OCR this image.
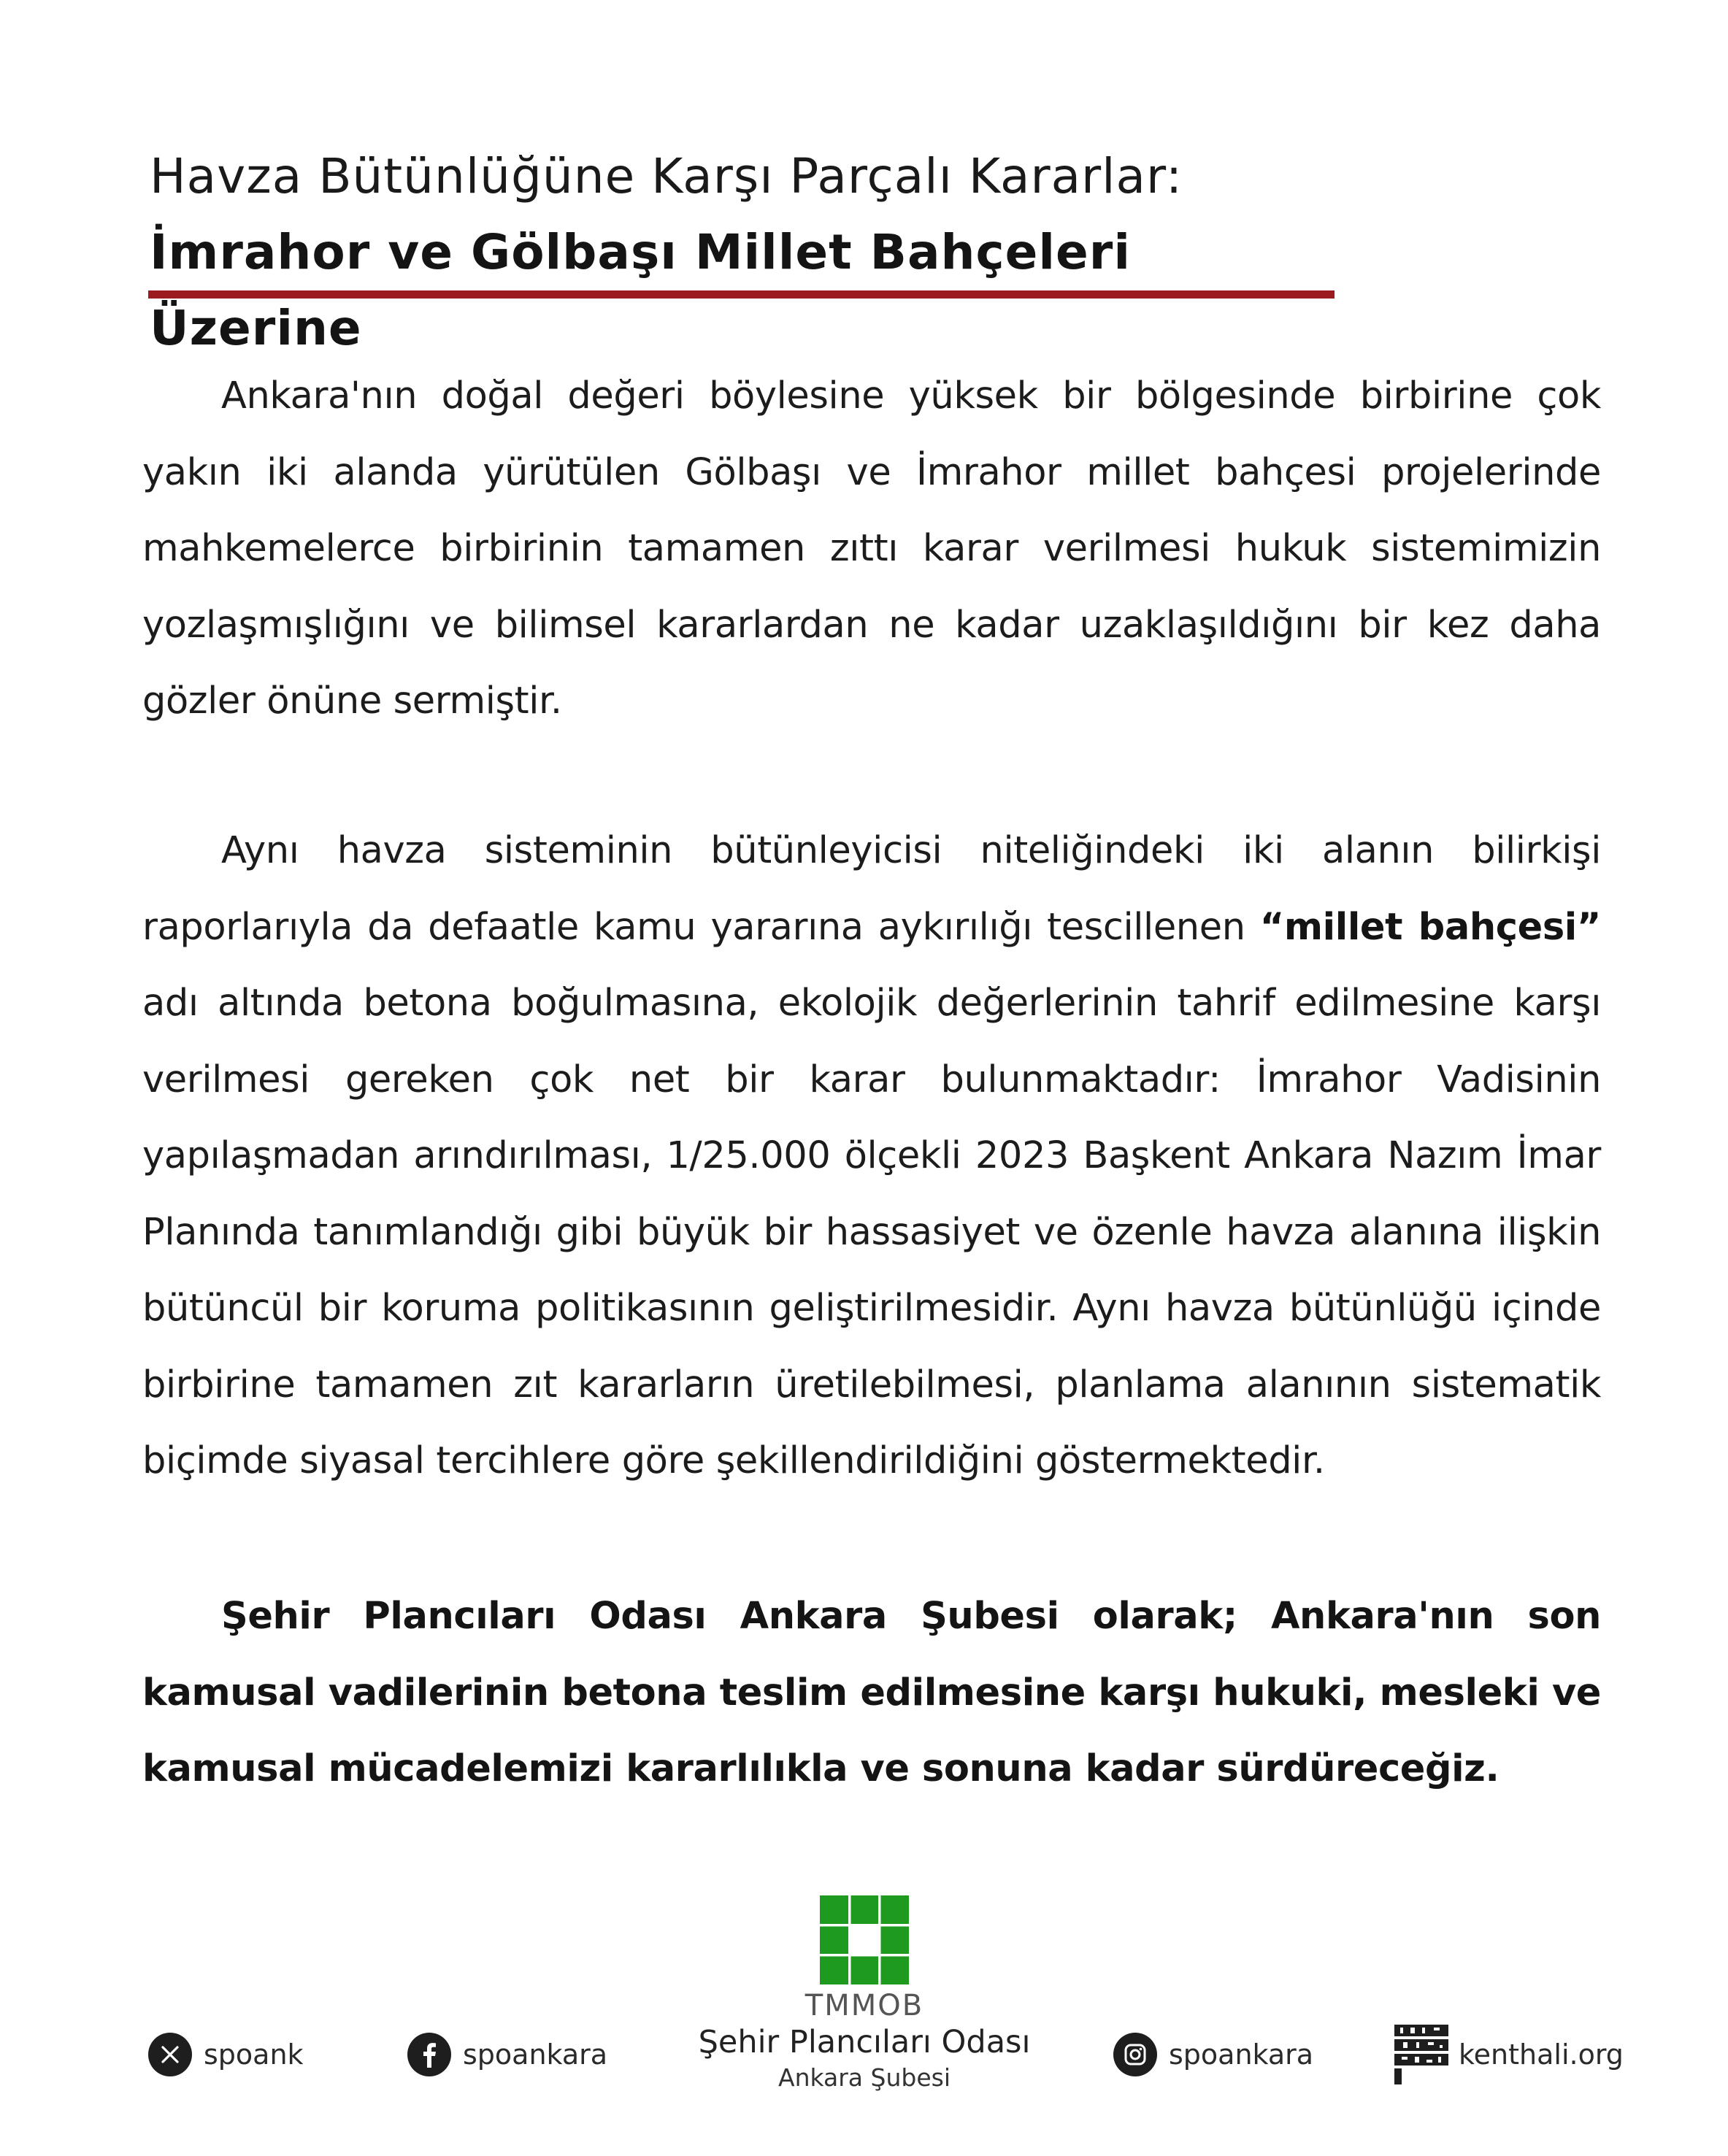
Havza Bütünlüğüne Karşı Parçalı Kararlar:
İmrahor ve Gölbaşı Millet Bahçeleri Üzerine

Ankara'nın doğal değeri böylesine yüksek bir bölgesinde birbirine çok yakın iki alanda yürütülen Gölbaşı ve İmrahor millet bahçesi projelerinde mahkemelerce birbirinin tamamen zıttı karar verilmesi hukuk sistemimizin yozlaşmışlığını ve bilimsel kararlardan ne kadar uzaklaşıldığını bir kez daha gözler önüne sermiştir.

Aynı havza sisteminin bütünleyicisi niteliğindeki iki alanın bilirkişi raporlarıyla da defaatle kamu yararına aykırılığı tescillenen “millet bahçesi” adı altında betona boğulmasına, ekolojik değerlerinin tahrif edilmesine karşı verilmesi gereken çok net bir karar bulunmaktadır: İmrahor Vadisinin yapılaşmadan arındırılması, 1/25.000 ölçekli 2023 Başkent Ankara Nazım İmar Planında tanımlandığı gibi büyük bir hassasiyet ve özenle havza alanına ilişkin bütüncül bir koruma politikasının geliştirilmesidir. Aynı havza bütünlüğü içinde birbirine tamamen zıt kararların üretilebilmesi, planlama alanının sistematik biçimde siyasal tercihlere göre şekillendirildiğini göstermektedir.

Şehir Plancıları Odası Ankara Şubesi olarak; Ankara'nın son kamusal vadilerinin betona teslim edilmesine karşı hukuki, mesleki ve kamusal mücadelemizi kararlılıkla ve sonuna kadar sürdüreceğiz.

spoank	spoankara
TMMOB
Şehir Plancıları Odası
Ankara Şubesi
spoankara	kenthali.org
